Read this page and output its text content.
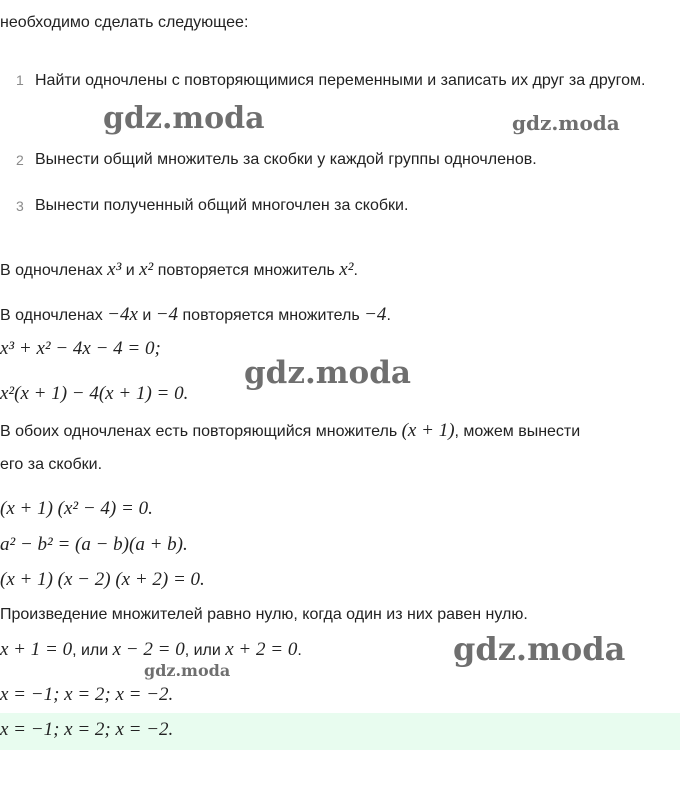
необходимо сделать следующее:
1 Найти одночлены с повторяющимися переменными и записать их друг за другом.
2 Вынести общий множитель за скобки у каждой группы одночленов.
3 Вынести полученный общий многочлен за скобки.
В одночленах x³ и x² повторяется множитель x².
В одночленах −4x и −4 повторяется множитель −4.
x³ + x² − 4x − 4 = 0;
x²(x + 1) − 4(x + 1) = 0.
В обоих одночленах есть повторяющийся множитель (x + 1), можем вынести
его за скобки.
(x + 1) (x² − 4) = 0.
a² − b² = (a − b)(a + b).
(x + 1) (x − 2) (x + 2) = 0.
Произведение множителей равно нулю, когда один из них равен нулю.
x + 1 = 0, или x − 2 = 0, или x + 2 = 0.
x = −1; x = 2; x = −2.
x = −1; x = 2; x = −2.
gdz.moda	gdz.moda
gdz.moda
gdz.moda
gdz.moda
